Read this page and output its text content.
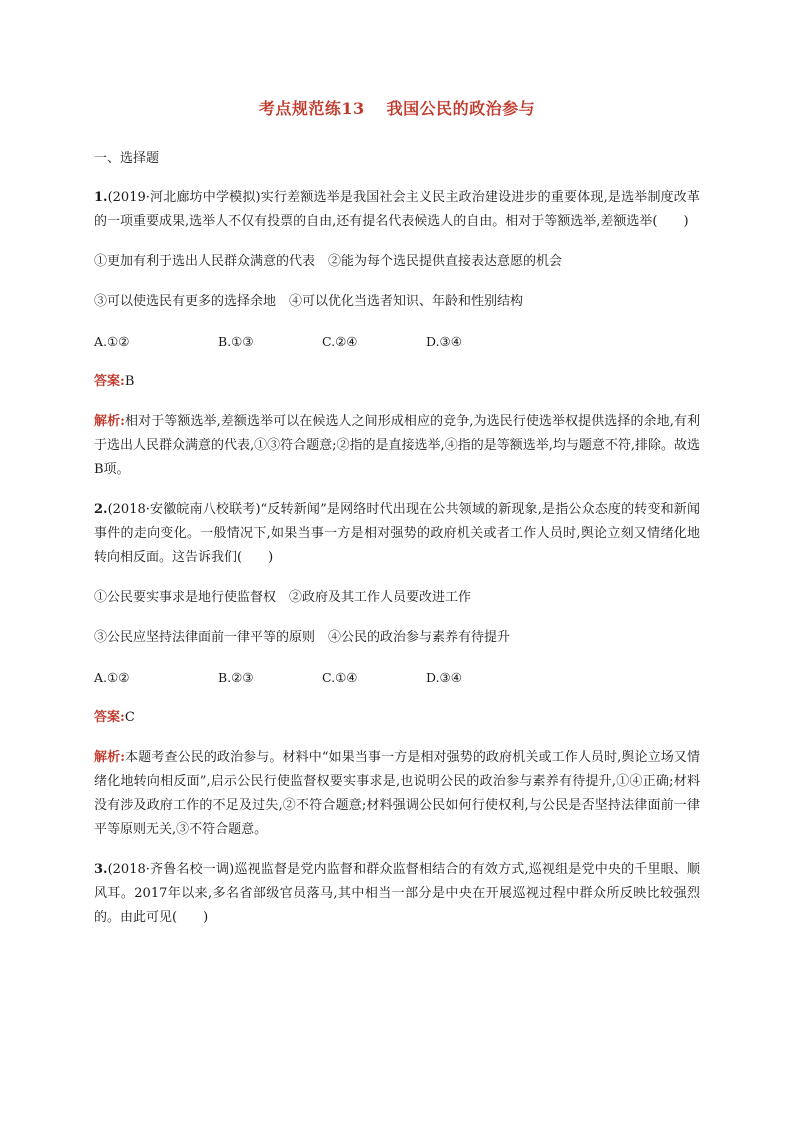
考点规范练13 我国公民的政治参与
一、选择题

1.(2019·河北廊坊中学模拟)实行差额选举是我国社会主义民主政治建设进步的重要体现,是选举制度改革的一项重要成果,选举人不仅有投票的自由,还有提名代表候选人的自由。相对于等额选举,差额选举(　　)

①更加有利于选出人民群众满意的代表　②能为每个选民提供直接表达意愿的机会

③可以使选民有更多的选择余地　④可以优化当选者知识、年龄和性别结构

A.①②	B.①③	C.②④	D.③④

答案:B

解析:相对于等额选举,差额选举可以在候选人之间形成相应的竞争,为选民行使选举权提供选择的余地,有利于选出人民群众满意的代表,①③符合题意;②指的是直接选举,④指的是等额选举,均与题意不符,排除。故选B项。

2.(2018·安徽皖南八校联考)“反转新闻”是网络时代出现在公共领域的新现象,是指公众态度的转变和新闻事件的走向变化。一般情况下,如果当事一方是相对强势的政府机关或者工作人员时,舆论立刻又情绪化地转向相反面。这告诉我们(　　)

①公民要实事求是地行使监督权　②政府及其工作人员要改进工作

③公民应坚持法律面前一律平等的原则　④公民的政治参与素养有待提升

A.①②	B.②③	C.①④	D.③④

答案:C

解析:本题考查公民的政治参与。材料中“如果当事一方是相对强势的政府机关或工作人员时,舆论立场又情绪化地转向相反面”,启示公民行使监督权要实事求是,也说明公民的政治参与素养有待提升,①④正确;材料没有涉及政府工作的不足及过失,②不符合题意;材料强调公民如何行使权利,与公民是否坚持法律面前一律平等原则无关,③不符合题意。

3.(2018·齐鲁名校一调)巡视监督是党内监督和群众监督相结合的有效方式,巡视组是党中央的千里眼、顺风耳。2017年以来,多名省部级官员落马,其中相当一部分是中央在开展巡视过程中群众所反映比较强烈的。由此可见(　　)
